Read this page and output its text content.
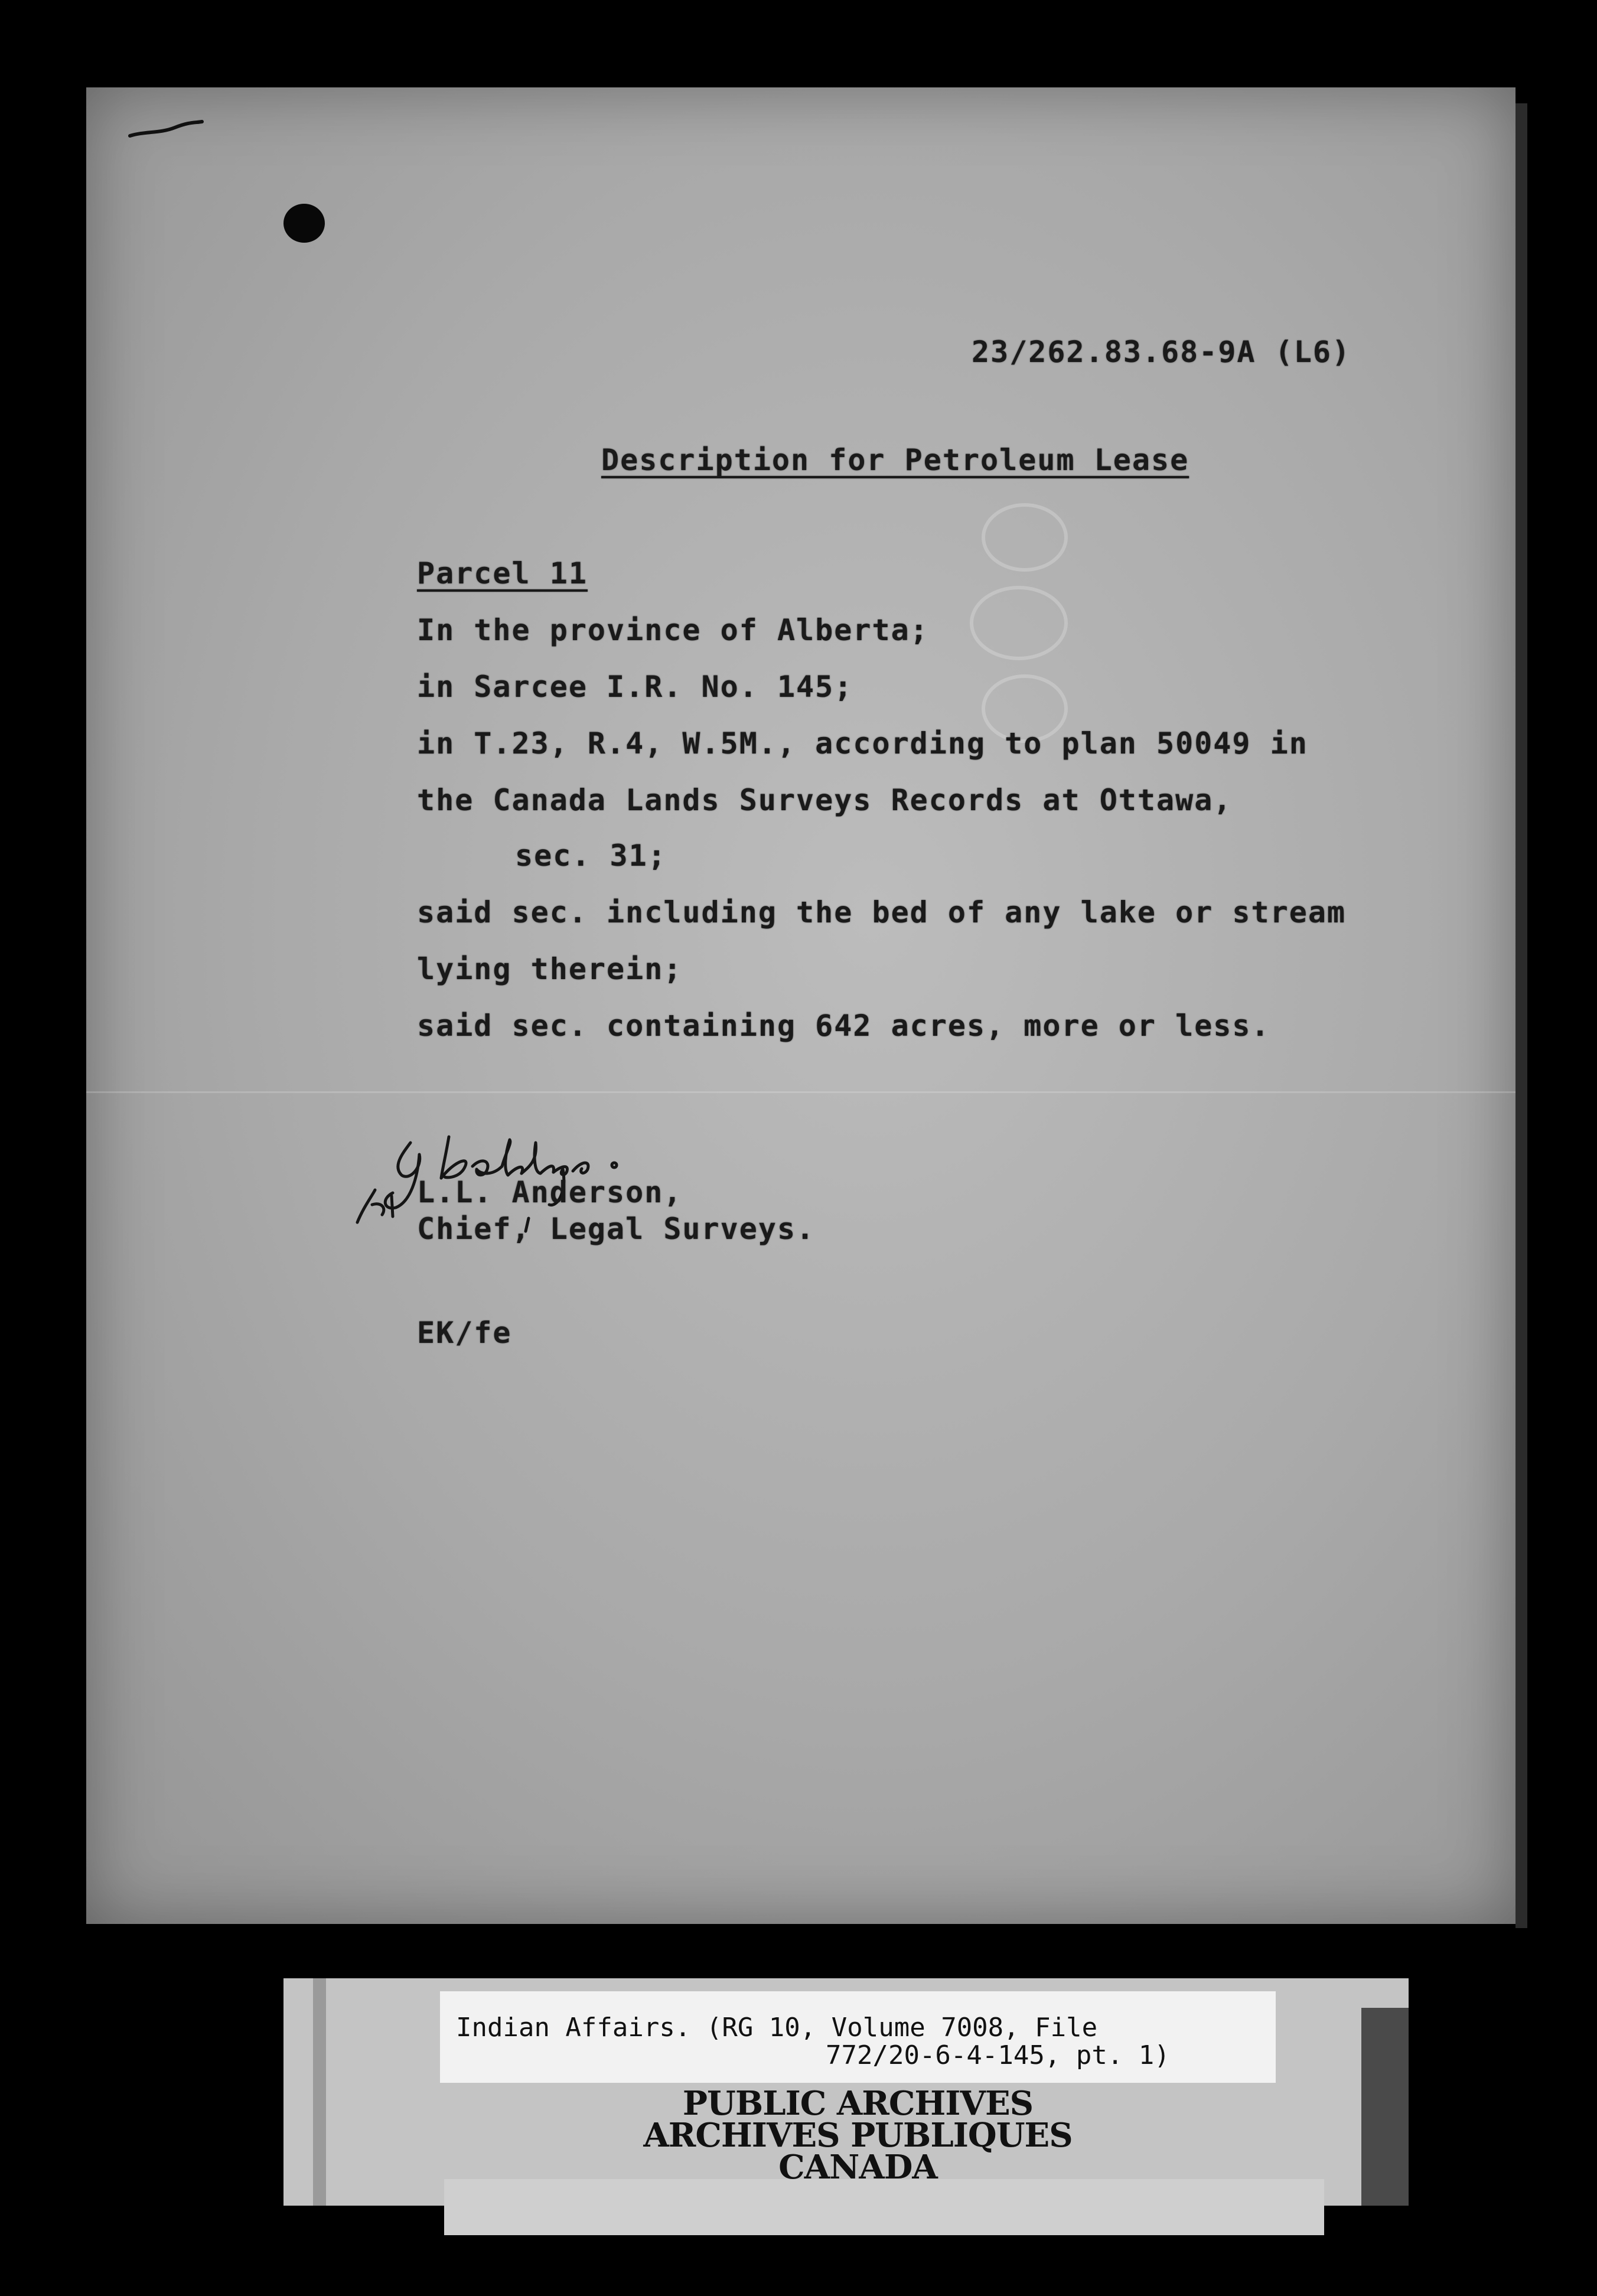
23/262.83.68-9A (L6)
Description for Petroleum Lease
Parcel 11
In the province of Alberta;
in Sarcee I.R. No. 145;
in T.23, R.4, W.5M., according to plan 50049 in
the Canada Lands Surveys Records at Ottawa,
sec. 31;
said sec. including the bed of any lake or stream
lying therein;
said sec. containing 642 acres, more or less.
L.L. Anderson,
Chief, Legal Surveys.
EK/fe
Indian Affairs. (RG 10, Volume 7008, File
772/20-6-4-145, pt. 1)
PUBLIC ARCHIVES
ARCHIVES PUBLIQUES
CANADA
